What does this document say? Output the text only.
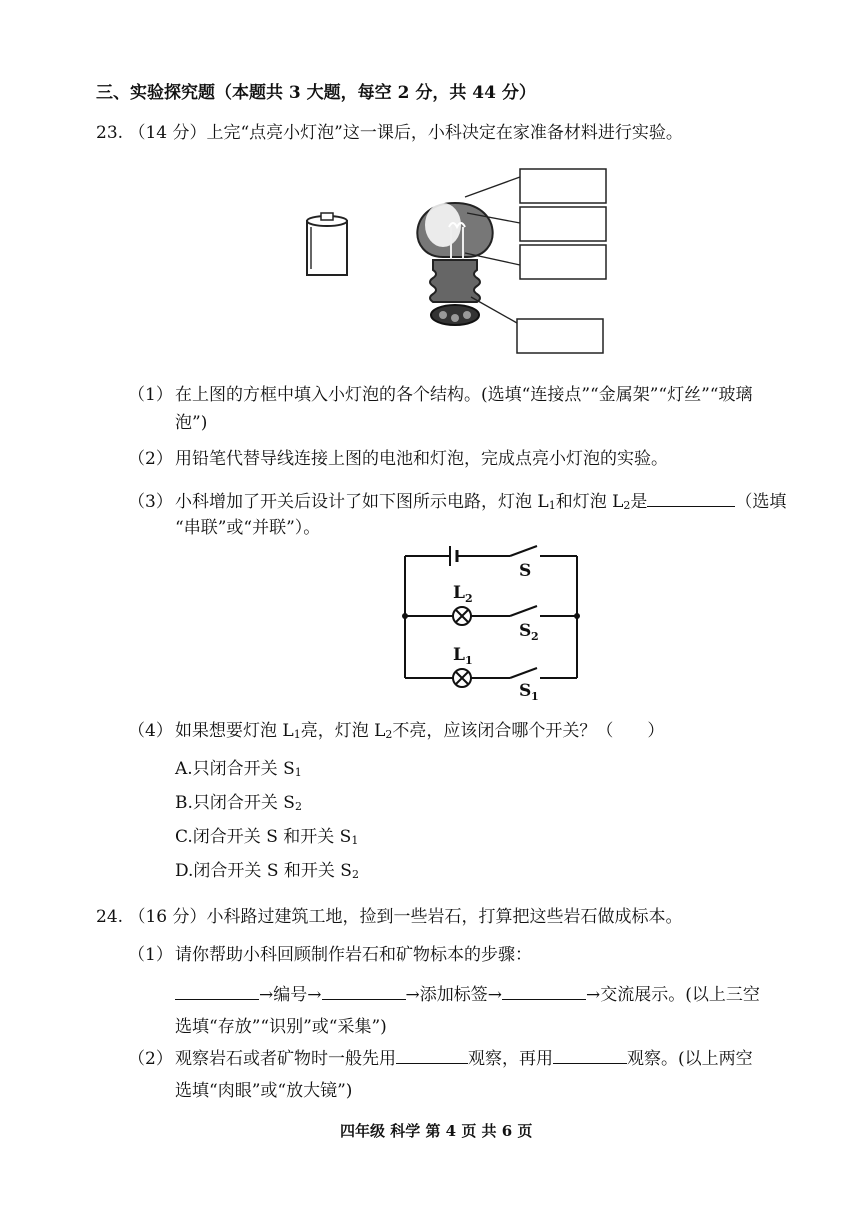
三、实验探究题（本题共 3 大题，每空 2 分，共 44 分）
23. （14 分）上完“点亮小灯泡”这一课后，小科决定在家准备材料进行实验。
（1） 在上图的方框中填入小灯泡的各个结构。(选填“连接点”“金属架”“灯丝”“玻璃
泡”)
（2） 用铅笔代替导线连接上图的电池和灯泡，完成点亮小灯泡的实验。
（3） 小科增加了开关后设计了如下图所示电路，灯泡 L1和灯泡 L2是	（选填
“串联”或“并联”）。
S
L 2
S 2
L 1
S 1
（4） 如果想要灯泡 L1亮，灯泡 L2不亮，应该闭合哪个开关？（　　）
A.只闭合开关 S1
B.只闭合开关 S2
C.闭合开关 S 和开关 S1
D.闭合开关 S 和开关 S2
24. （16 分）小科路过建筑工地，捡到一些岩石，打算把这些岩石做成标本。
（1） 请你帮助小科回顾制作岩石和矿物标本的步骤：
→编号→	→添加标签→	→交流展示。(以上三空
选填“存放”“识别”或“采集”)
（2） 观察岩石或者矿物时一般先用	观察，再用	观察。(以上两空
选填“肉眼”或“放大镜”)
四年级 科学 第 4 页 共 6 页
